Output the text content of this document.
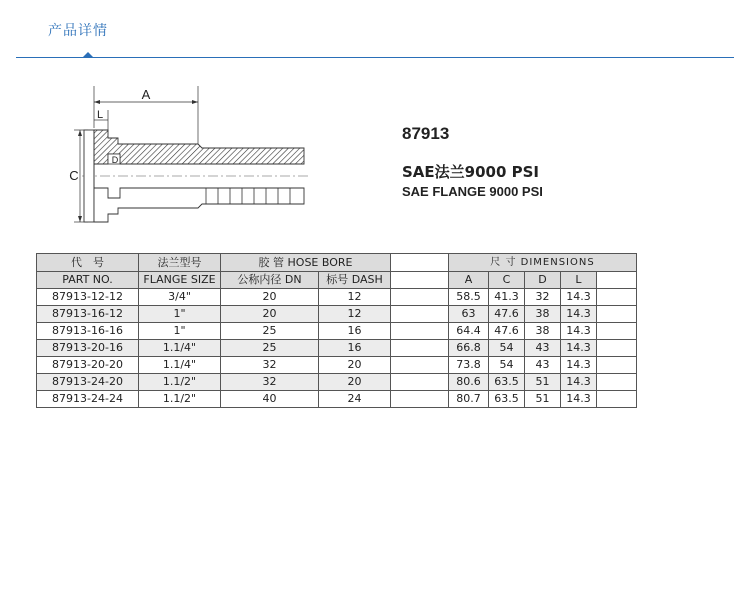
产品详情
A
L
C
D
87913
SAE法兰9000 PSI
SAE FLANGE 9000 PSI
代　号	法兰型号	胶 管 HOSE BORE			尺 寸 DIMENSIONS				
PART NO.	FLANGE SIZE	公称内径 DN	标号 DASH		A	C	D	L	
87913-12-12	3/4"	20	12		58.5	41.3	32	14.3	
87913-16-12	1"	20	12		63	47.6	38	14.3	
87913-16-16	1"	25	16		64.4	47.6	38	14.3	
87913-20-16	1.1/4"	25	16		66.8	54	43	14.3	
87913-20-20	1.1/4"	32	20		73.8	54	43	14.3	
87913-24-20	1.1/2"	32	20		80.6	63.5	51	14.3	
87913-24-24	1.1/2"	40	24		80.7	63.5	51	14.3	
